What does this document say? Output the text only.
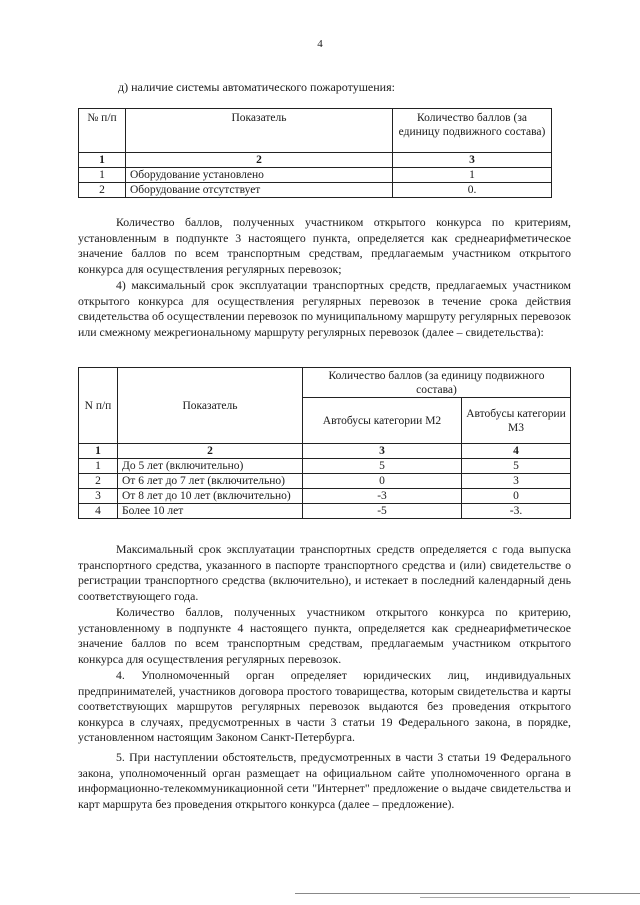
4
д) наличие системы автоматического пожаротушения:
№ п/п	Показатель	Количество баллов (за единицу подвижного состава)
1	2	3
1	Оборудование установлено	1
2	Оборудование отсутствует	0.

Количество баллов, полученных участником открытого конкурса по критериям, установленным в подпункте 3 настоящего пункта, определяется как среднеарифметическое значение баллов по всем транспортным средствам, предлагаемым участником открытого конкурса для осуществления регулярных перевозок;

4) максимальный срок эксплуатации транспортных средств, предлагаемых участником открытого конкурса для осуществления регулярных перевозок в течение срока действия свидетельства об осуществлении перевозок по муниципальному маршруту регулярных перевозок или смежному межрегиональному маршруту регулярных перевозок (далее – свидетельства):

N п/п	Показатель	Количество баллов (за единицу подвижного состава)	
		Автобусы категории М2	Автобусы категории М3
1	2	3	4
1	До 5 лет (включительно)	5	5
2	От 6 лет до 7 лет (включительно)	0	3
3	От 8 лет до 10 лет (включительно)	-3	0
4	Более 10 лет	-5	-3.

Максимальный срок эксплуатации транспортных средств определяется с года выпуска транспортного средства, указанного в паспорте транспортного средства и (или) свидетельстве о регистрации транспортного средства (включительно), и истекает в последний календарный день соответствующего года.

Количество баллов, полученных участником открытого конкурса по критерию, установленному в подпункте 4 настоящего пункта, определяется как среднеарифметическое значение баллов по всем транспортным средствам, предлагаемым участником открытого конкурса для осуществления регулярных перевозок.

4. Уполномоченный орган определяет юридических лиц, индивидуальных предпринимателей, участников договора простого товарищества, которым свидетельства и карты соответствующих маршрутов регулярных перевозок выдаются без проведения открытого конкурса в случаях, предусмотренных в части 3 статьи 19 Федерального закона, в порядке, установленном настоящим Законом Санкт-Петербурга.

5. При наступлении обстоятельств, предусмотренных в части 3 статьи 19 Федерального закона, уполномоченный орган размещает на официальном сайте уполномоченного органа в информационно-телекоммуникационной сети "Интернет" предложение о выдаче свидетельства и карт маршрута без проведения открытого конкурса (далее – предложение).
